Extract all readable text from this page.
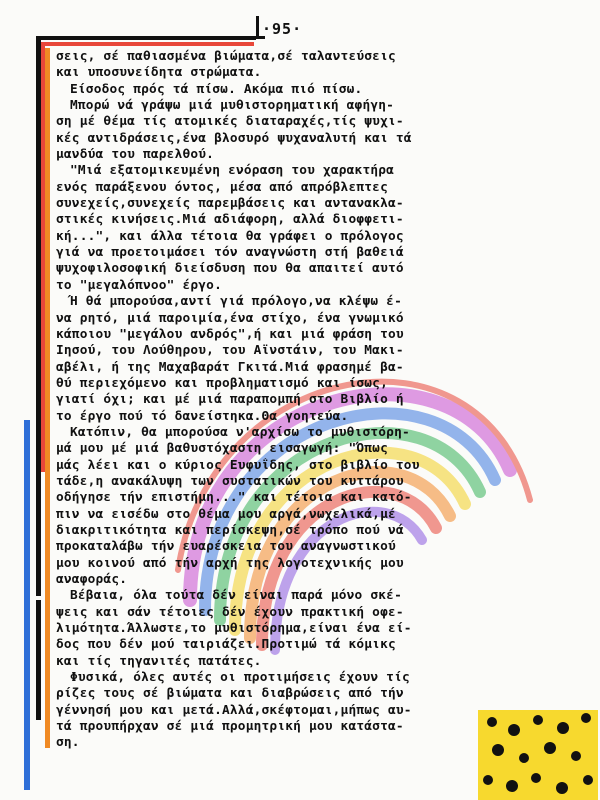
·95·
σεις, σέ παθιασμένα βιώματα,σέ ταλαντεύσεις
και υποσυνείδητα στρώματα.
Είσοδος πρός τά πίσω. Ακόμα πιό πίσω.
Μπορώ νά γράψω μιά μυθιστορηματική αφήγη-
ση μέ θέμα τίς ατομικές διαταραχές,τίς ψυχι-
κές αντιδράσεις,ένα βλοσυρό ψυχαναλυτή και τά
μανδύα του παρελθού.
"Μιά εξατομικευμένη ενόραση του χαρακτήρα
ενός παράξενου όντος, μέσα από απρόβλεπτες
συνεχείς,συνεχείς παρεμβάσεις και αντανακλα-
στικές κινήσεις.Μιά αδιάφορη, αλλά διοφφετι-
κή...", και άλλα τέτοια θα γράφει ο πρόλογος
γιά να προετοιμάσει τόν αναγνώστη στή βαθειά
ψυχοφιλοσοφική διείσδυση που θα απαιτεί αυτό
το "μεγαλόπνοο" έργο.
Ή θά μπορούσα,αντί γιά πρόλογο,να κλέψω έ-
να ρητό, μιά παροιμία,ένα στίχο, ένα γνωμικό
κάποιου "μεγάλου ανδρός",ή και μιά φράση του
Ιησού, του Λούθηρου, του Αϊνστάιν, του Μακι-
αβέλι, ή της Μαχαβαράτ Γκιτά.Μιά φρασημέ βα-
θύ περιεχόμενο και προβληματισμό και ίσως,
γιατί όχι; και μέ μιά παραπομπή στο Βιβλίο ή
το έργο πού τό δανείστηκα.Θα γοητεύα.
Κατόπιν, θα μπορούσα ν'αρχίσω το μυθιστόρη-
μά μου μέ μιά βαθυστόχαστη εισαγωγή: "Όπως
μάς λέει και ο κύριος Ευφυΐδης, στο βιβλίο του
τάδε,η ανακάλυψη των συστατικών του κυττάρου
οδήγησε τήν επιστήμη..." και τέτοια και κατό-
πιν να εισέδω στο θέμα μου αργά,νωχελικά,μέ
διακριτικότητα και περίσκεψη,σέ τρόπο πού νά
προκαταλάβω τήν ευαρέσκεια του αναγνωστικού
μου κοινού από τήν αρχή της λογοτεχνικής μου
αναφοράς.
Βέβαια, όλα τούτα δέν είναι παρά μόνο σκέ-
ψεις και σάν τέτοιες δέν έχουν πρακτική οφε-
λιμότητα.Άλλωστε,το μυθιστόρημα,είναι ένα εί-
δος που δέν μού ταιριάζει.Προτιμώ τά κόμικς
και τίς τηγανιτές πατάτες.
Φυσικά, όλες αυτές οι προτιμήσεις έχουν τίς
ρίζες τους σέ βιώματα και διαβρώσεις από τήν
γέννησή μου και μετά.Αλλά,σκέφτομαι,μήπως αυ-
τά προυπήρχαν σέ μιά προμητρική μου κατάστα-
ση.
